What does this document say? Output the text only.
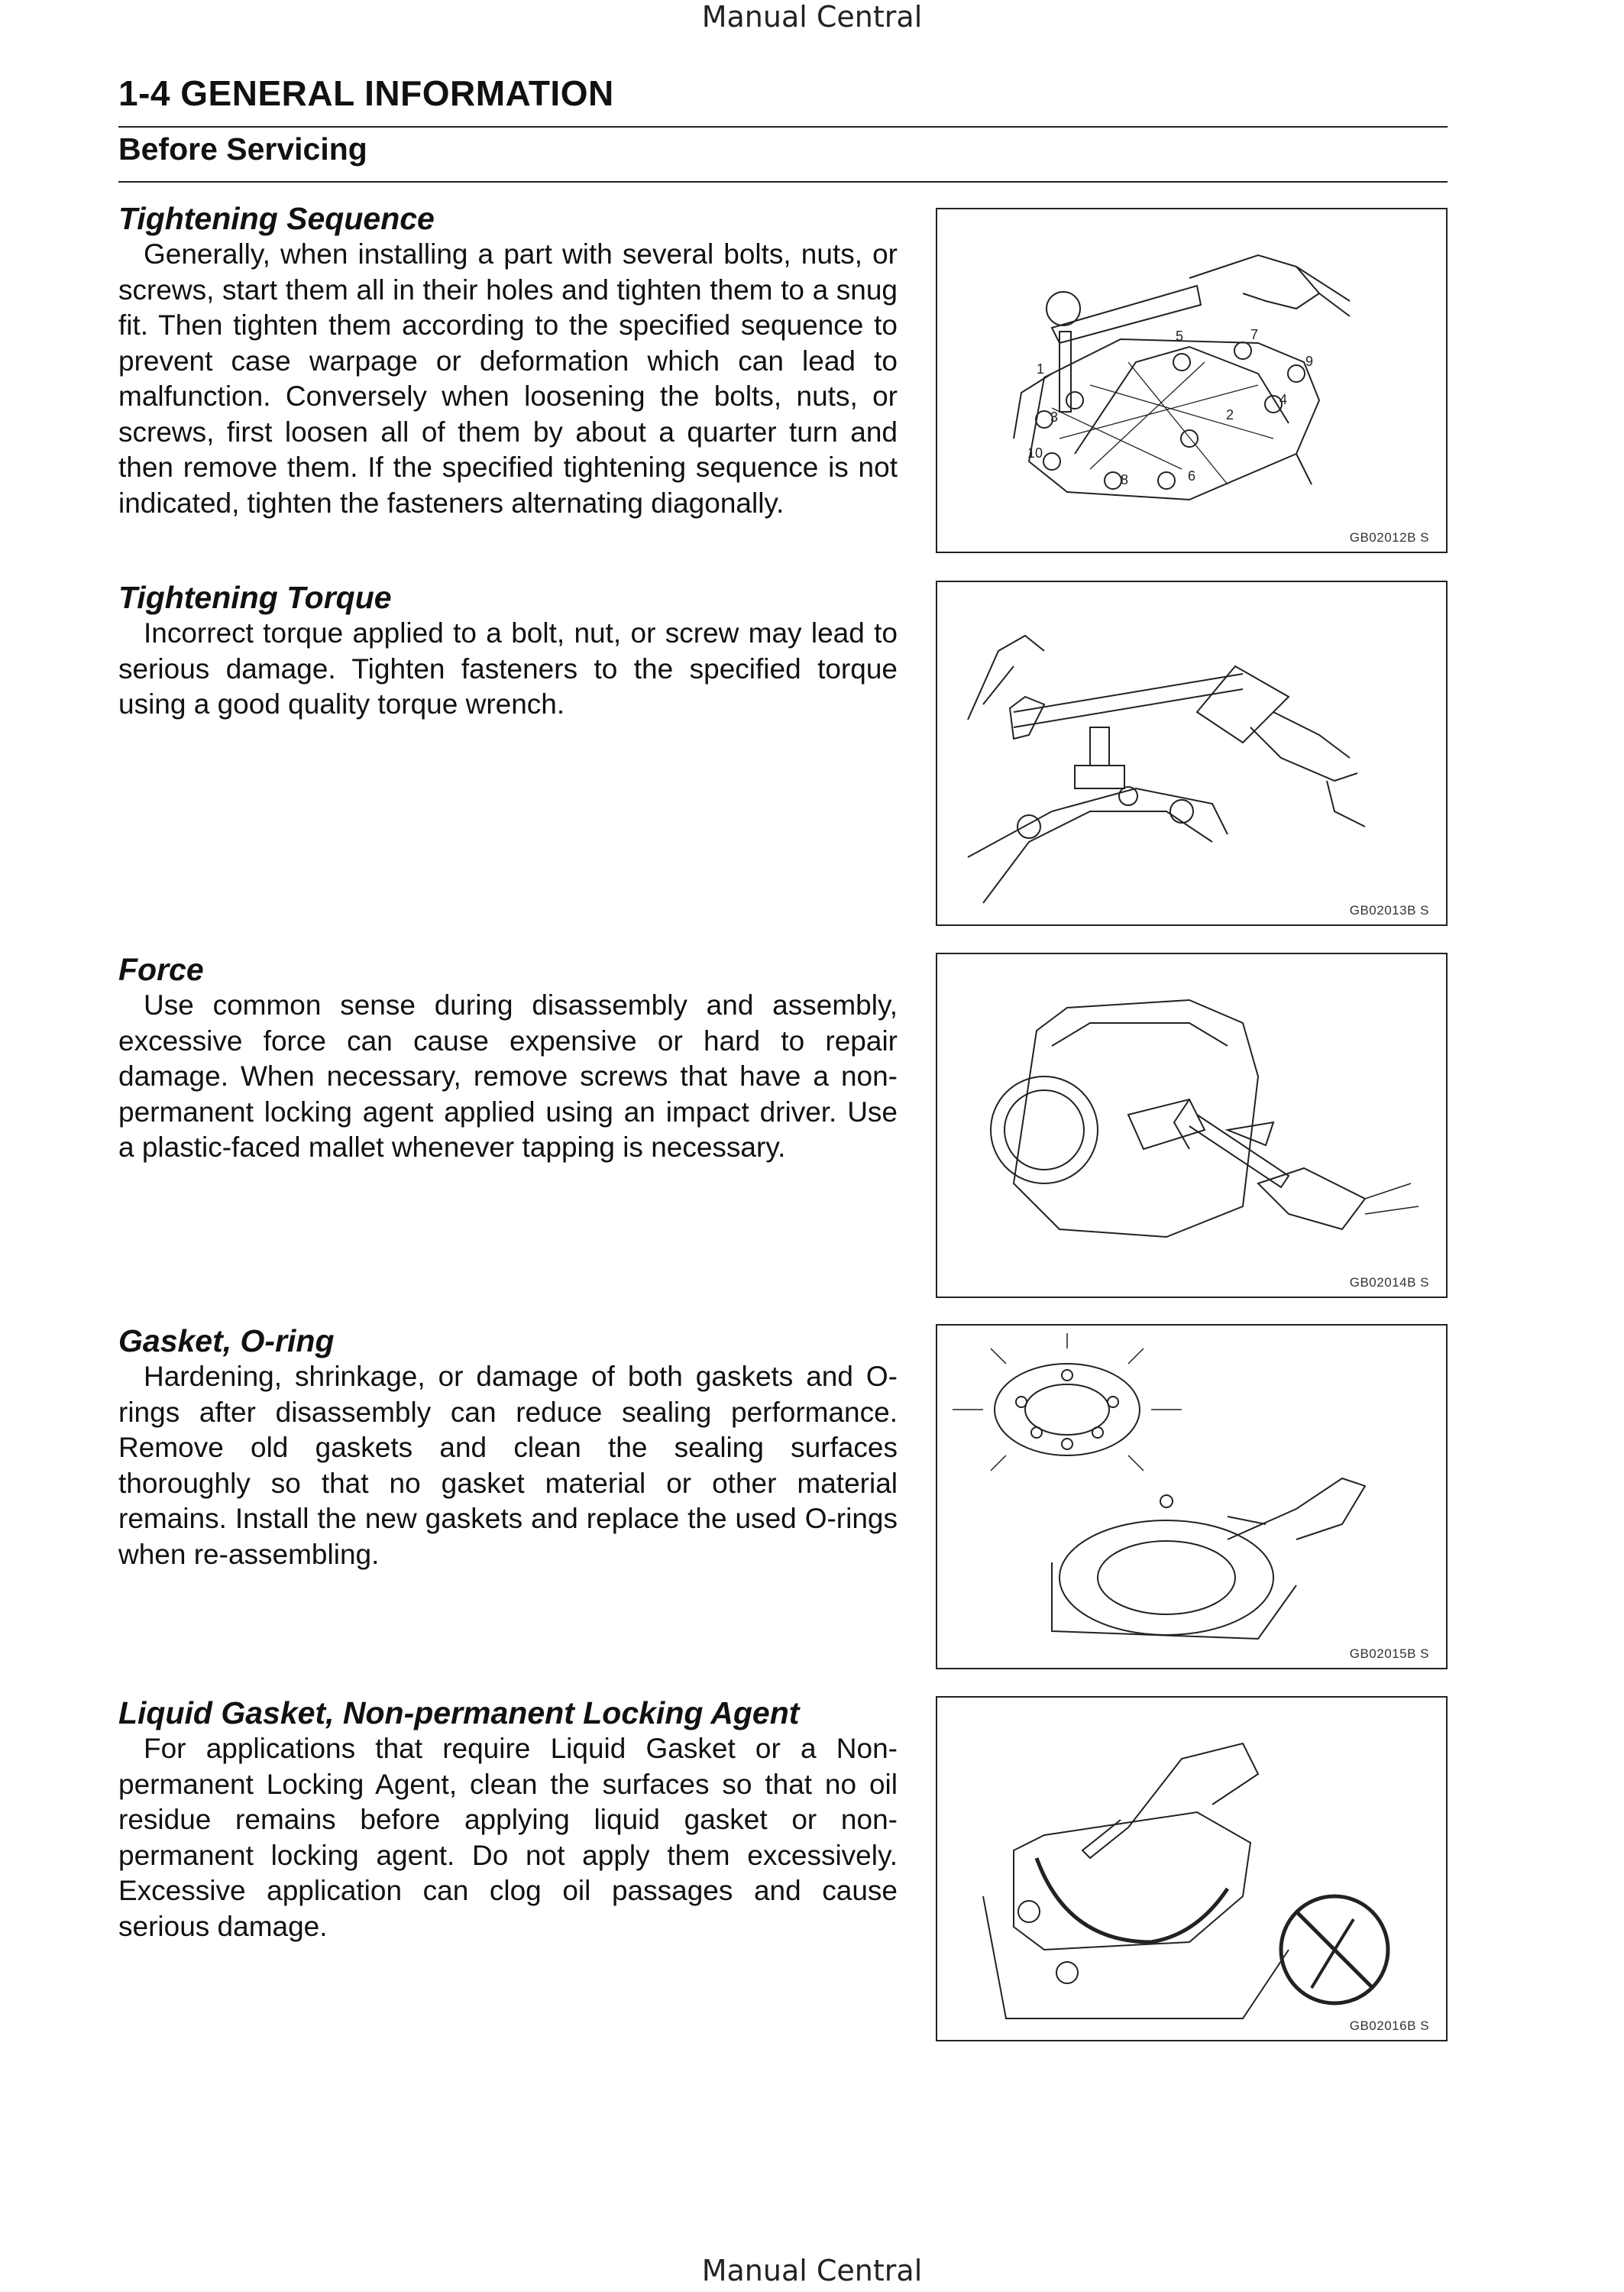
Manual Central
1-4 GENERAL INFORMATION
Before Servicing
Tightening Sequence

Generally, when installing a part with several bolts, nuts, or screws, start them all in their holes and tighten them to a snug fit. Then tighten them according to the specified sequence to prevent case warpage or deformation which can lead to malfunction. Conversely when loosening the bolts, nuts, or screws, first loosen all of them by about a quarter turn and then remove them. If the specified tightening sequence is not indicated, tighten the fasteners alternating diagonally.

1
2
3
4
5
6
7
8
9
10
GB02012B S
Tightening Torque

Incorrect torque applied to a bolt, nut, or screw may lead to serious damage. Tighten fasteners to the specified torque using a good quality torque wrench.

GB02013B S
Force

Use common sense during disassembly and assembly, excessive force can cause expensive or hard to repair damage. When necessary, remove screws that have a non-permanent locking agent applied using an impact driver. Use a plastic-faced mallet whenever tapping is necessary.

GB02014B S
Gasket, O-ring

Hardening, shrinkage, or damage of both gaskets and O-rings after disassembly can reduce sealing performance. Remove old gaskets and clean the sealing surfaces thoroughly so that no gasket material or other material remains. Install the new gaskets and replace the used O-rings when re-assembling.

GB02015B S
Liquid Gasket, Non-permanent Locking Agent

For applications that require Liquid Gasket or a Non-permanent Locking Agent, clean the surfaces so that no oil residue remains before applying liquid gasket or non-permanent locking agent. Do not apply them excessively. Excessive application can clog oil passages and cause serious damage.

GB02016B S
Manual Central
